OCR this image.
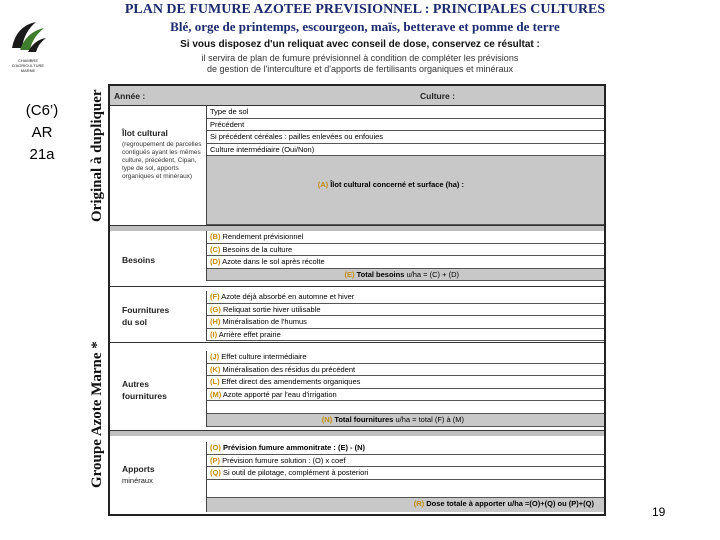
CHAMBRE
D'AGRICULTURE
MARNE
(C6’)
AR
21a	Original à dupliquer
Groupe Azote Marne *
PLAN DE FUMURE AZOTEE PREVISIONNEL : PRINCIPALES CULTURES
Blé, orge de printemps, escourgeon, maïs, betterave et pomme de terre
Si vous disposez d'un reliquat avec conseil de dose, conservez ce résultat :
il servira de plan de fumure prévisionnel à condition de compléter les prévisions
de gestion de l'interculture et d'apports de fertilisants organiques et minéraux
Année :	Culture :
Îlot cultural
(regroupement de parcelles contiguës ayant les mêmes culture, précédent, Cipan, type de sol, apports organiques et minéraux)
Type de sol
Précédent
Si précédent céréales : pailles enlevées ou enfouies
Culture intermédiaire (Oui/Non)
(A) Îlot cultural concerné et surface (ha) :
Besoins
(B) Rendement prévisionnel
(C) Besoins de la culture
(D) Azote dans le sol après récolte
(E) Total besoins u/ha = (C) + (D)
Fournitures
du sol
(F) Azote déjà absorbé en automne et hiver
(G) Reliquat sortie hiver utilisable
(H) Minéralisation de l'humus
(I) Arrière effet prairie
Autres
fournitures
(J) Effet culture intermédiaire
(K) Minéralisation des résidus du précédent
(L) Effet direct des amendements organiques
(M) Azote apporté par l'eau d'irrigation
(N) Total fournitures u/ha = total (F) à (M)
Apports
minéraux
(O) Prévision fumure ammonitrate : (E) - (N)
(P) Prévision fumure solution : (O) x coef
(Q) Si outil de pilotage, complément à posteriori
(R) Dose totale à apporter u/ha =(O)+(Q) ou (P)+(Q)
19
